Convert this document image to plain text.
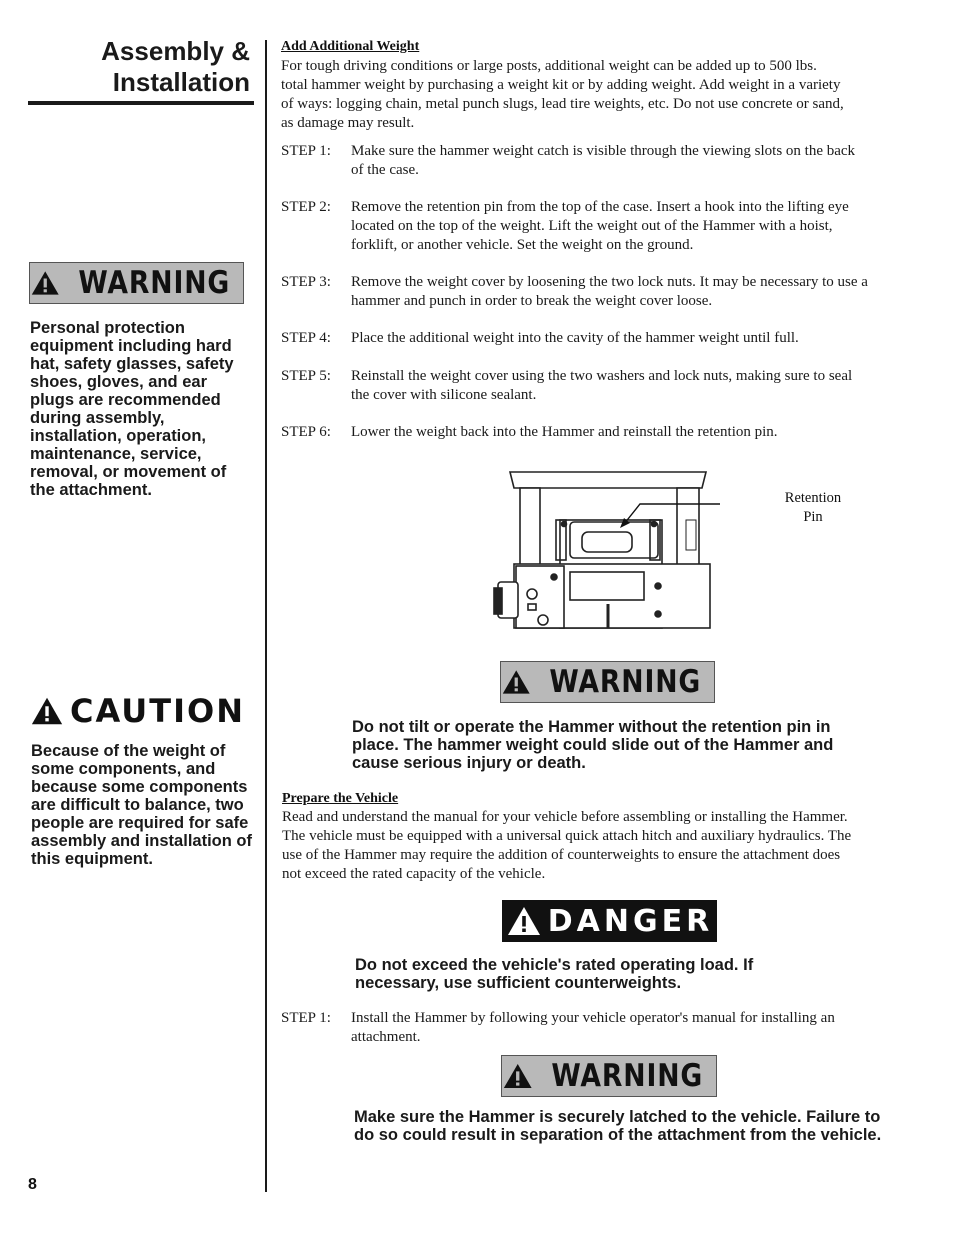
Assembly &
Installation
WARNING
Personal protection equipment including hard hat, safety glasses, safety shoes, gloves, and ear plugs are recommended during assembly, installation, operation, maintenance, service, removal, or movement of the attachment.
CAUTION
Because of the weight of some components, and because some components are difficult to balance, two people are required for safe assembly and installation of this equipment.
8
Add Additional Weight
For tough driving conditions or large posts, additional weight can be added up to 500 lbs. total hammer weight by purchasing a weight kit or by adding weight. Add weight in a variety of ways: logging chain, metal punch slugs, lead tire weights, etc. Do not use concrete or sand, as damage may result.
STEP 1:	Make sure the hammer weight catch is visible through the viewing slots on the back of the case.
STEP 2:	Remove the retention pin from the top of the case. Insert a hook into the lifting eye located on the top of the weight. Lift the weight out of the Hammer with a hoist, forklift, or another vehicle. Set the weight on the ground.
STEP 3:	Remove the weight cover by loosening the two lock nuts. It may be necessary to use a hammer and punch in order to break the weight cover loose.
STEP 4:	Place the additional weight into the cavity of the hammer weight until full.
STEP 5:	Reinstall the weight cover using the two washers and lock nuts, making sure to seal the cover with silicone sealant.
STEP 6:	Lower the weight back into the Hammer and reinstall the retention pin.
Retention
Pin
WARNING
Do not tilt or operate the Hammer without the retention pin in place. The hammer weight could slide out of the Hammer and cause serious injury or death.
Prepare the Vehicle
Read and understand the manual for your vehicle before assembling or installing the Hammer. The vehicle must be equipped with a universal quick attach hitch and auxiliary hydraulics. The use of the Hammer may require the addition of counterweights to ensure the attachment does not exceed the rated capacity of the vehicle.
DANGER
Do not exceed the vehicle's rated operating load. If necessary, use sufficient counterweights.
STEP 1:	Install the Hammer by following your vehicle operator's manual for installing an attachment.
WARNING
Make sure the Hammer is securely latched to the vehicle. Failure to do so could result in separation of the attachment from the vehicle.
